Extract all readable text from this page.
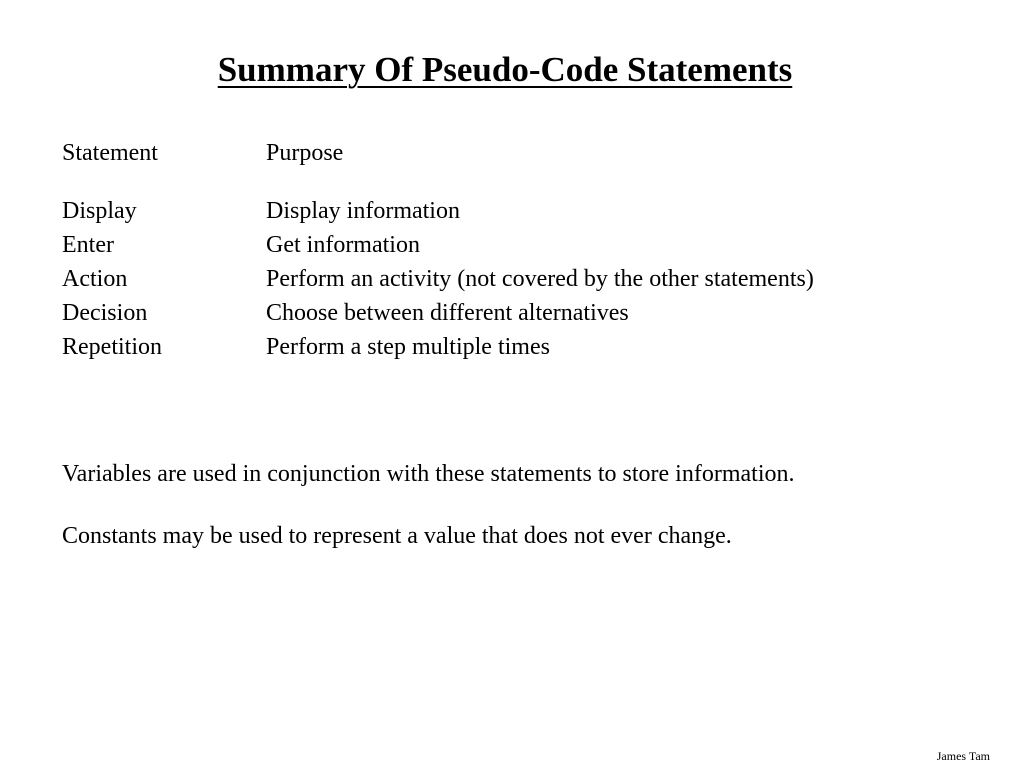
Summary Of Pseudo-Code Statements
Statement	Purpose
Display	Display information
Enter	Get information
Action	Perform an activity (not covered by the other statements)
Decision	Choose between different alternatives
Repetition	Perform a step multiple times

Variables are used in conjunction with these statements to store information.

Constants may be used to represent a value that does not ever change.

James Tam
